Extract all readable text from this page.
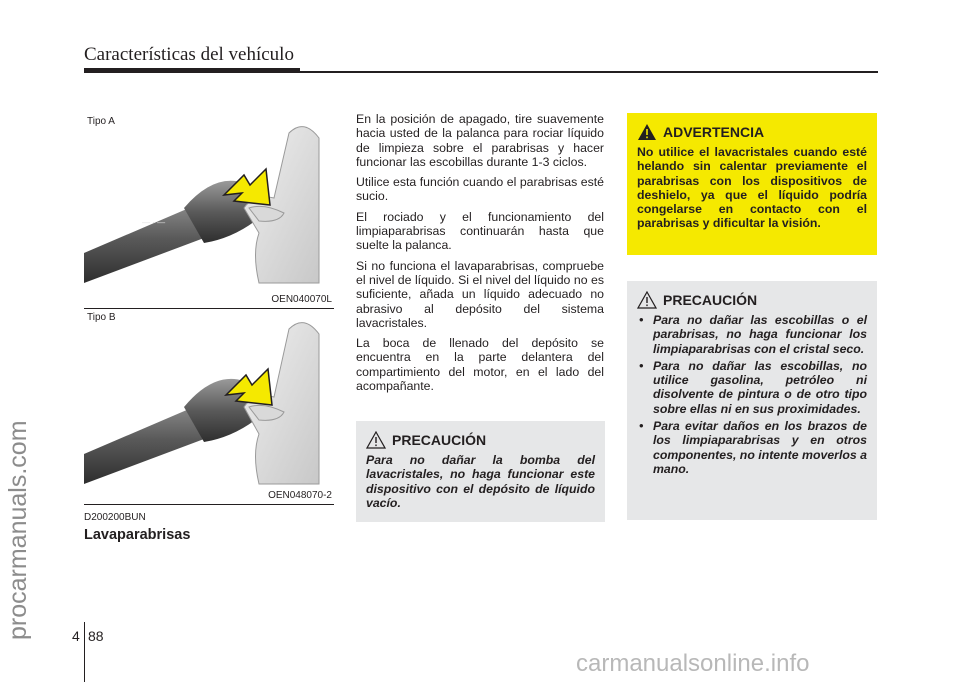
Características del vehículo
procarmanuals.com
carmanualsonline.info
— · —
Tipo A
OEN040070L
Tipo B
OEN048070-2
D200200BUN
Lavaparabrisas

En la posición de apagado, tire suavemente hacia usted de la palanca para rociar líquido de limpieza sobre el parabrisas y hacer funcionar las escobillas durante 1-3 ciclos.

Utilice esta función cuando el parabrisas esté sucio.

El rociado y el funcionamiento del limpiaparabrisas continuarán hasta que suelte la palanca.

Si no funciona el lavaparabrisas, compruebe el nivel de líquido. Si el nivel del líquido no es suficiente, añada un líquido adecuado no abrasivo al depósito del sistema lavacristales.

La boca de llenado del depósito se encuentra en la parte delantera del compartimiento del motor, en el lado del acompañante.

PRECAUCIÓN
Para no dañar la bomba del lavacristales, no haga funcionar este dispositivo con el depósito de líquido vacío.
ADVERTENCIA
No utilice el lavacristales cuando esté helando sin calentar previamente el parabrisas con los dispositivos de deshielo, ya que el líquido podría congelarse en contacto con el parabrisas y dificultar la visión.
PRECAUCIÓN
• Para no dañar las escobillas o el parabrisas, no haga funcionar los limpiaparabrisas con el cristal seco.
• Para no dañar las escobillas, no utilice gasolina, petróleo ni disolvente de pintura o de otro tipo sobre ellas ni en sus proximidades.
• Para evitar daños en los brazos de los limpiaparabrisas y en otros componentes, no intente moverlos a mano.
4 88
